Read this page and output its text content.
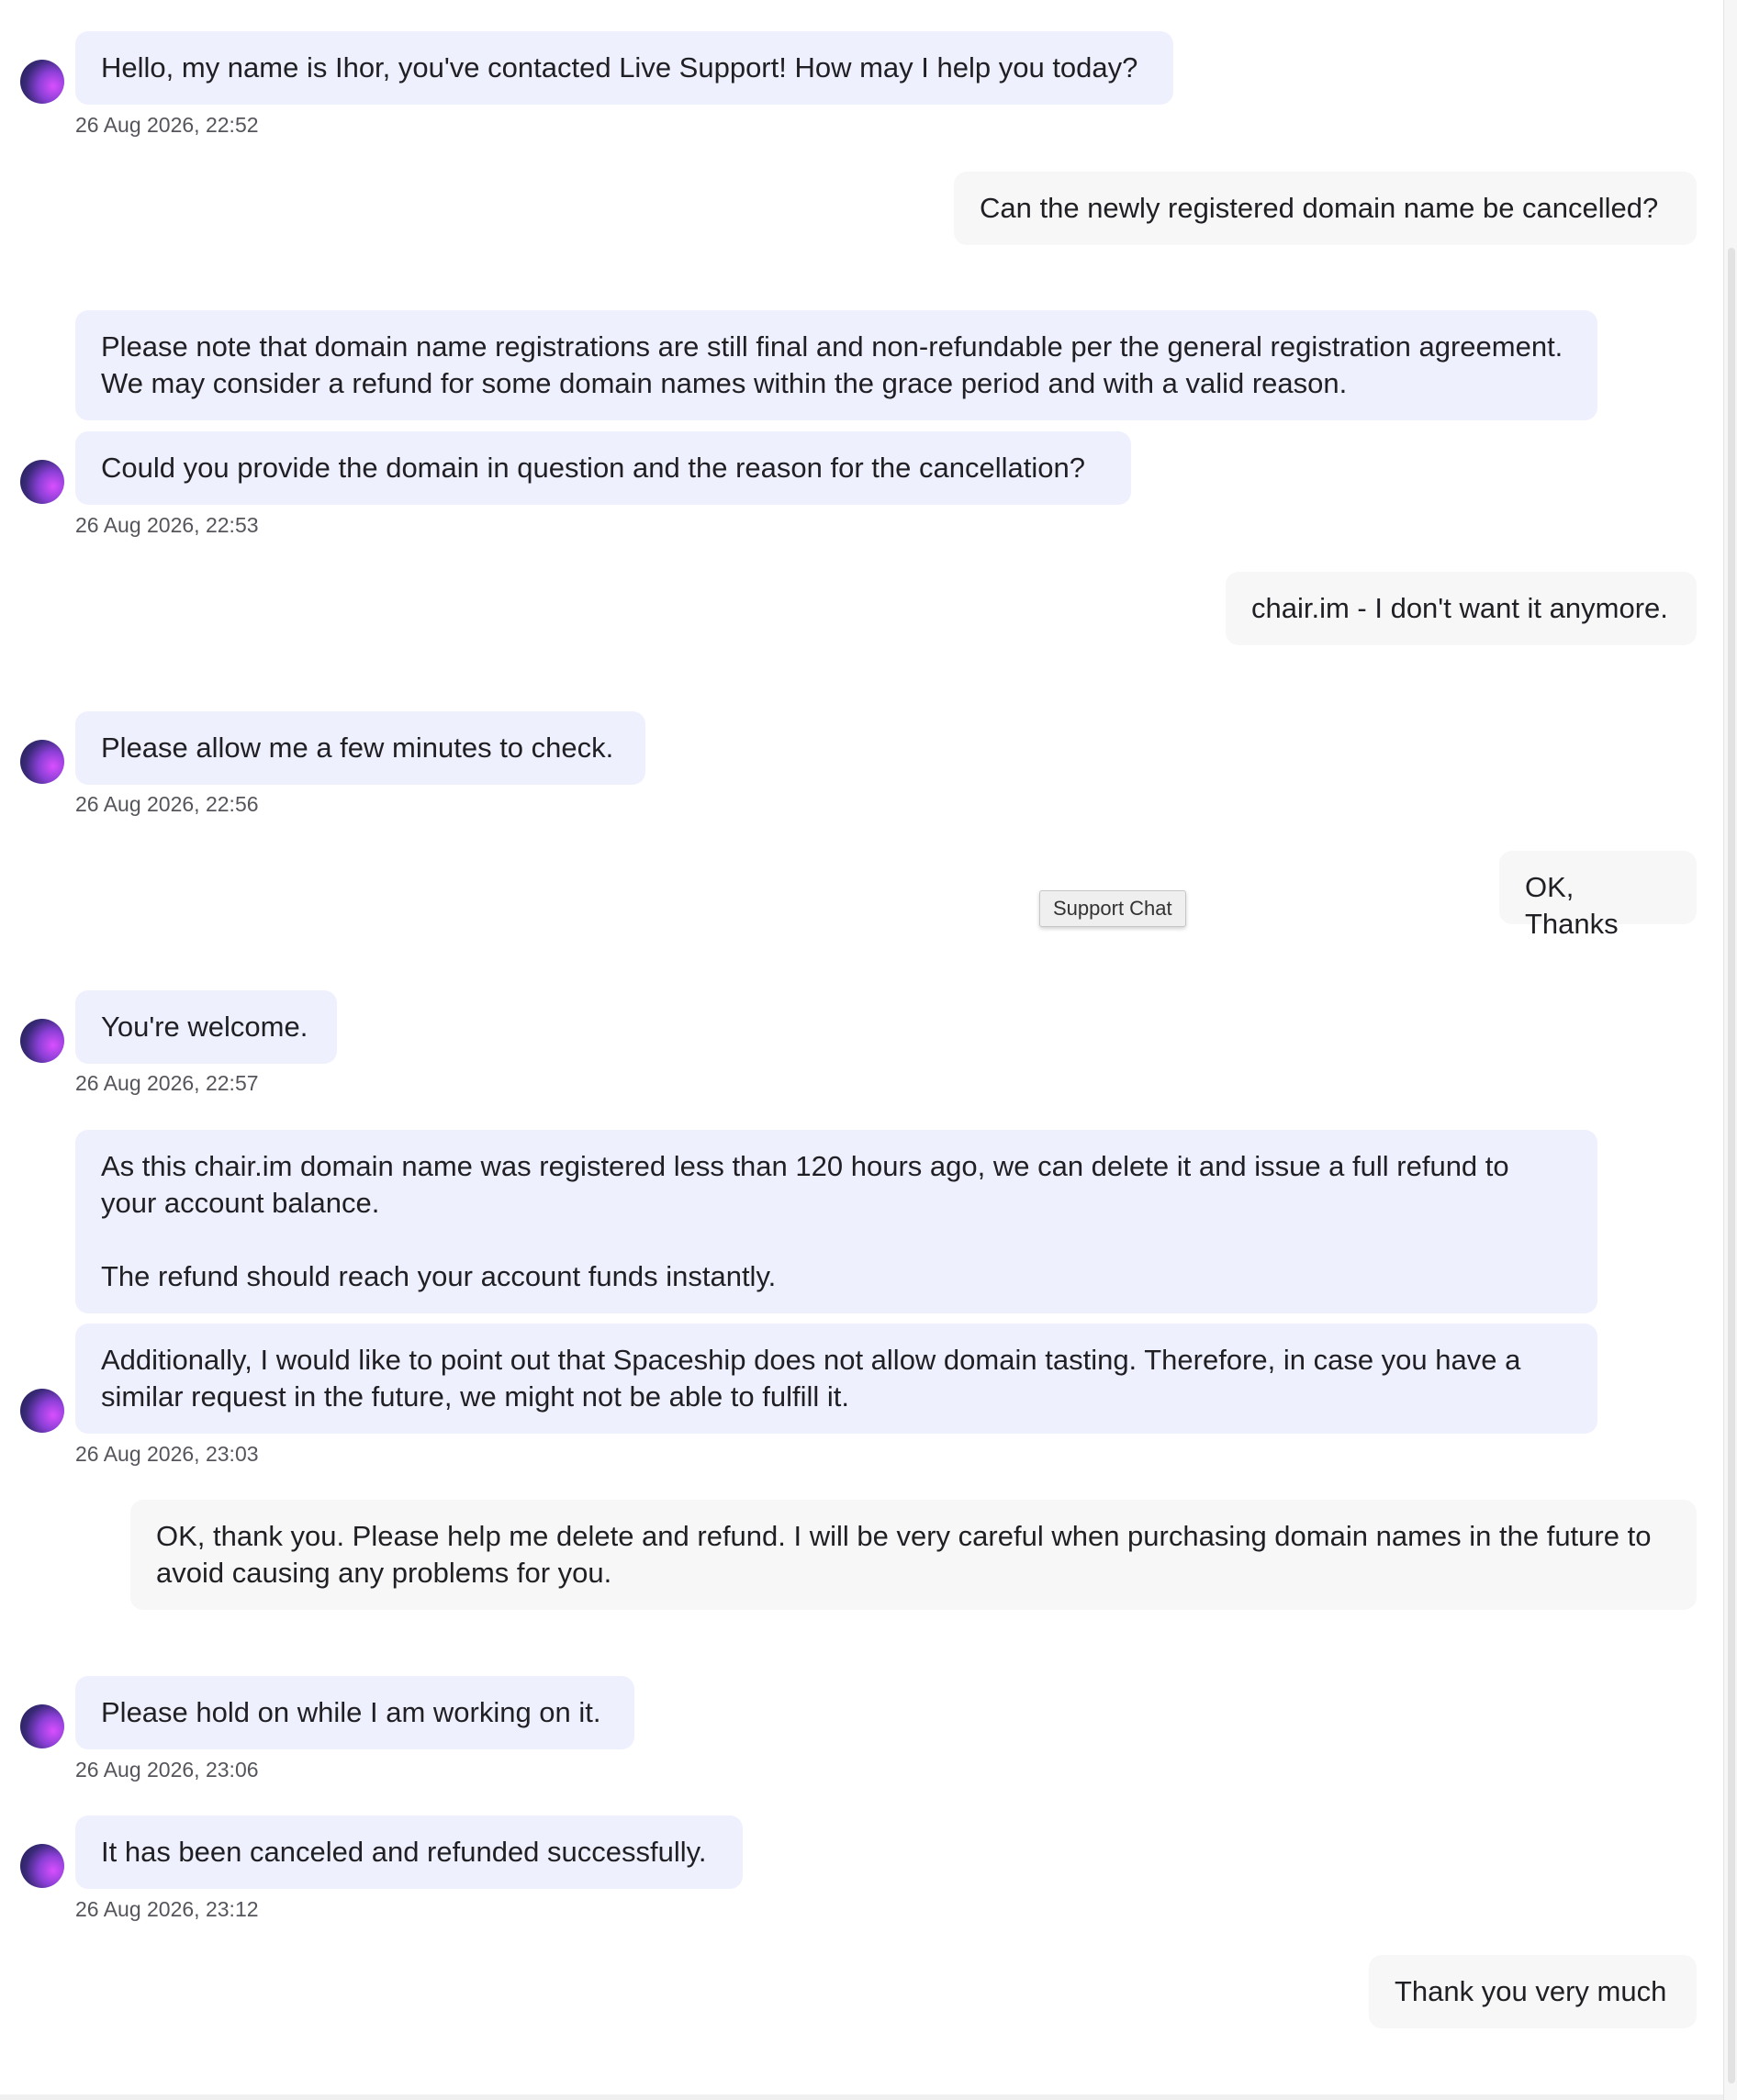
Hello, my name is Ihor, you've contacted Live Support! How may I help you today?
26 Aug 2026, 22:52
Can the newly registered domain name be cancelled?
Please note that domain name registrations are still final and non-refundable per the general registration agreement. We may consider a refund for some domain names within the grace period and with a valid reason.
Could you provide the domain in question and the reason for the cancellation?
26 Aug 2026, 22:53
chair.im - I don't want it anymore.
Please allow me a few minutes to check.
26 Aug 2026, 22:56
OK, Thanks
You're welcome.
26 Aug 2026, 22:57
As this chair.im domain name was registered less than 120 hours ago, we can delete it and issue a full refund to your account balance.

The refund should reach your account funds instantly.
Additionally, I would like to point out that Spaceship does not allow domain tasting. Therefore, in case you have a similar request in the future, we might not be able to fulfill it.
26 Aug 2026, 23:03
OK, thank you. Please help me delete and refund. I will be very careful when purchasing domain names in the future to avoid causing any problems for you.
Please hold on while I am working on it.
26 Aug 2026, 23:06
It has been canceled and refunded successfully.
26 Aug 2026, 23:12
Thank you very much
Support Chat
